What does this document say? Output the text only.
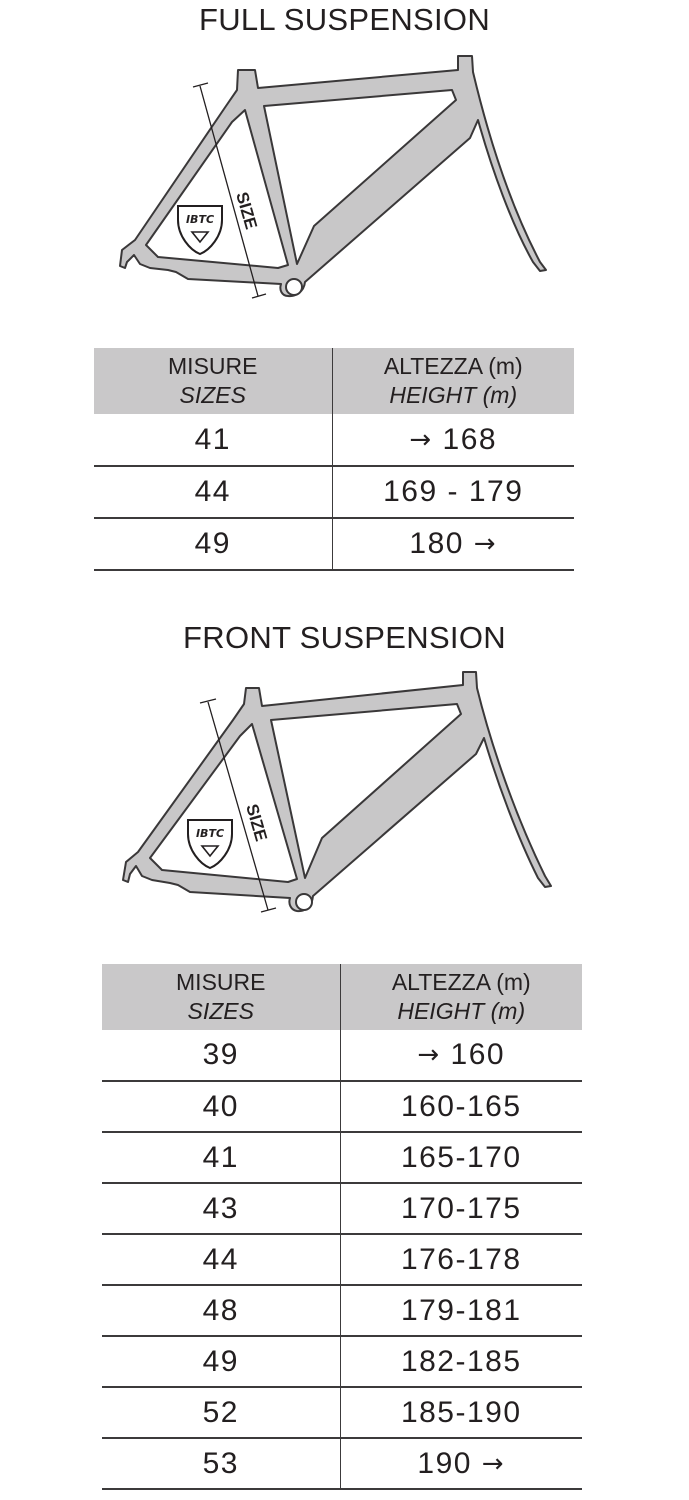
FULL SUSPENSION
IBTC SIZE
MISURE
SIZES	ALTEZZA (m)
HEIGHT (m)

41	→ 168
44	169 - 179
49	180 →
FRONT SUSPENSION
IBTC SIZE
MISURE
SIZES	ALTEZZA (m)
HEIGHT (m)

39	→ 160
40	160-165
41	165-170
43	170-175
44	176-178
48	179-181
49	182-185
52	185-190
53	190 →
